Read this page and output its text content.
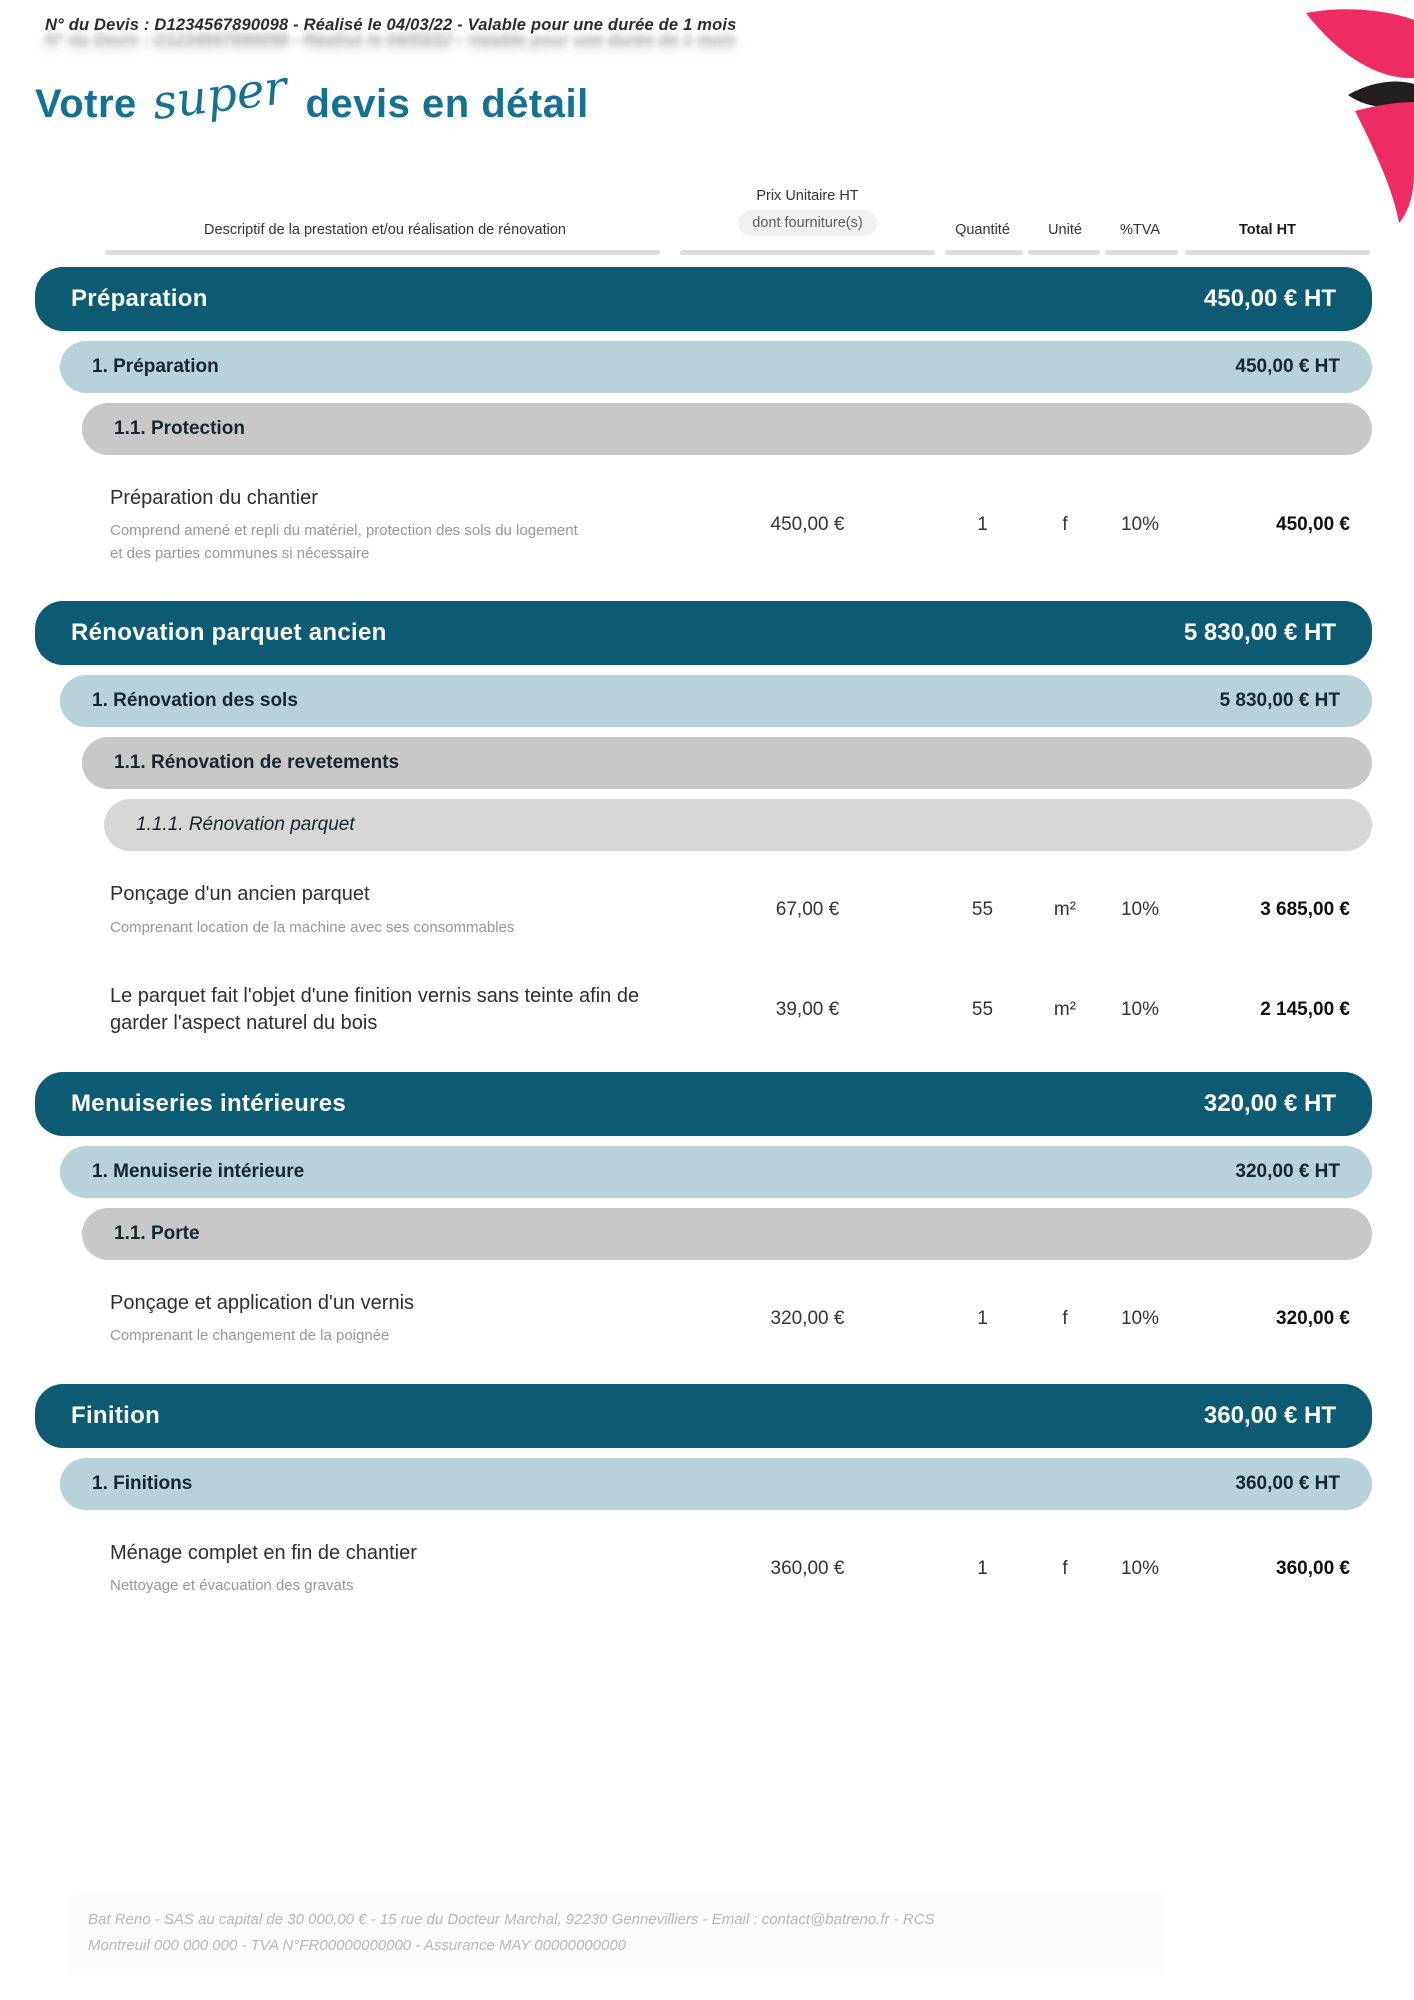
N° du Devis : D1234567890098 - Réalisé le 04/03/22 - Valable pour une durée de 1 mois
Votre super devis en détail
Descriptif de la prestation et/ou réalisation de rénovation
Prix Unitaire HT
dont fourniture(s)	Quantité	Unité	%TVA	Total HT
Préparation	450,00 € HT
1. Préparation	450,00 € HT
1.1. Protection
Préparation du chantier
Comprend amené et repli du matériel, protection des sols du logement et des parties communes si nécessaire
450,00 €	1	f	10%	450,00 €
Rénovation parquet ancien	5 830,00 € HT
1. Rénovation des sols	5 830,00 € HT
1.1. Rénovation de revetements
1.1.1. Rénovation parquet
Ponçage d'un ancien parquet
Comprenant location de la machine avec ses consommables
67,00 €	55	m²	10%	3 685,00 €
Le parquet fait l'objet d'une finition vernis sans teinte afin de garder l'aspect naturel du bois
39,00 €	55	m²	10%	2 145,00 €
Menuiseries intérieures	320,00 € HT
1. Menuiserie intérieure	320,00 € HT
1.1. Porte
Ponçage et application d'un vernis
Comprenant le changement de la poignée
320,00 €	1	f	10%	320,00 €
Finition	360,00 € HT
1. Finitions	360,00 € HT
Ménage complet en fin de chantier
Nettoyage et évacuation des gravats
360,00 €	1	f	10%	360,00 €
Bat Reno - SAS au capital de 30 000,00 € - 15 rue du Docteur Marchal, 92230 Gennevilliers - Email : contact@batreno.fr - RCS
Montreuil 000 000 000 - TVA N°FR00000000000 - Assurance MAY 00000000000
